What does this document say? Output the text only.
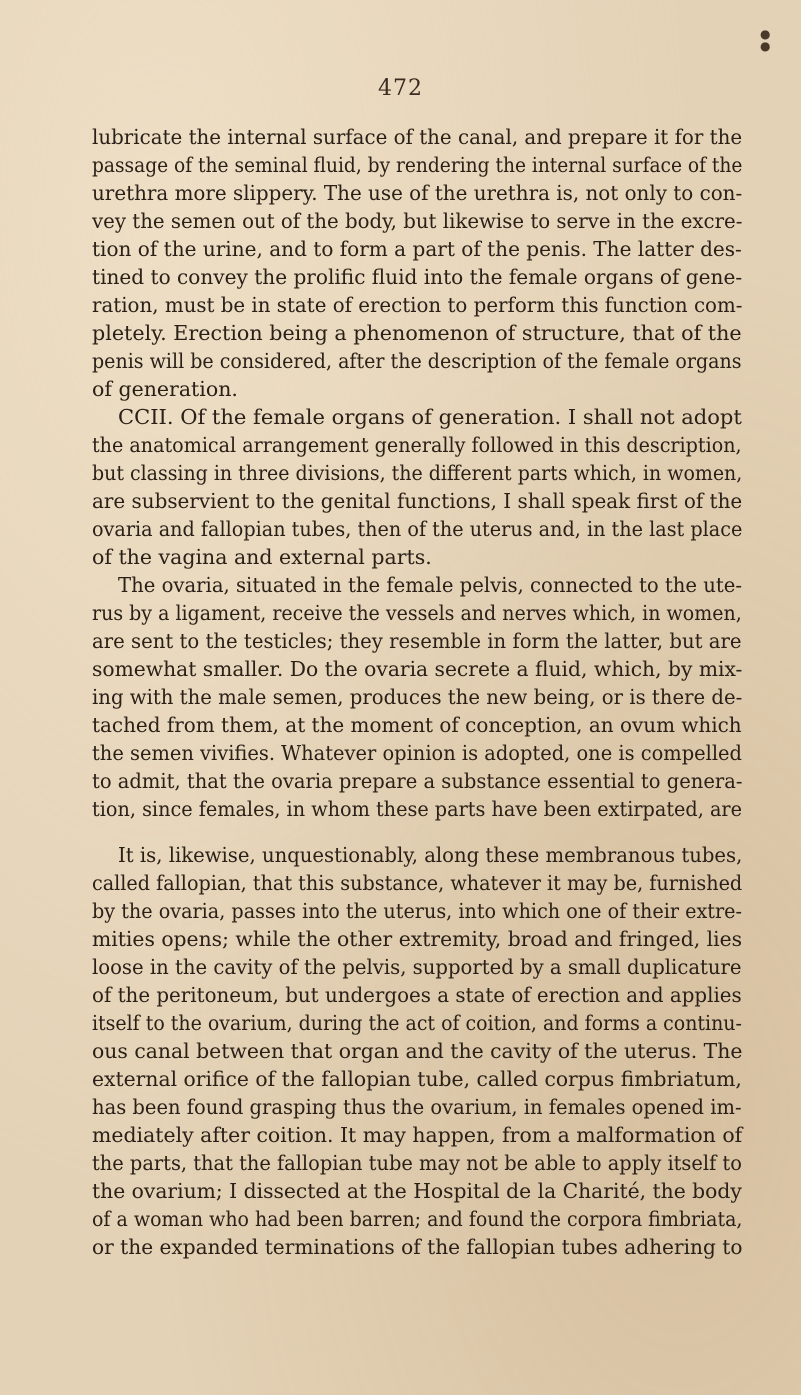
●
●
472
lubricate the internal surface of the canal, and prepare it for the
passage of the seminal fluid, by rendering the internal surface of the
urethra more slippery. The use of the urethra is, not only to con-
vey the semen out of the body, but likewise to serve in the excre-
tion of the urine, and to form a part of the penis. The latter des-
tined to convey the prolific fluid into the female organs of gene-
ration, must be in state of erection to perform this function com-
pletely. Erection being a phenomenon of structure, that of the
penis will be considered, after the description of the female organs
of generation.
CCII. Of the female organs of generation. I shall not adopt
the anatomical arrangement generally followed in this description,
but classing in three divisions, the different parts which, in women,
are subservient to the genital functions, I shall speak first of the
ovaria and fallopian tubes, then of the uterus and, in the last place
of the vagina and external parts.
The ovaria, situated in the female pelvis, connected to the ute-
rus by a ligament, receive the vessels and nerves which, in women,
are sent to the testicles; they resemble in form the latter, but are
somewhat smaller. Do the ovaria secrete a fluid, which, by mix-
ing with the male semen, produces the new being, or is there de-
tached from them, at the moment of conception, an ovum which
the semen vivifies. Whatever opinion is adopted, one is compelled
to admit, that the ovaria prepare a substance essential to genera-
tion, since females, in whom these parts have been extirpated, are
It is, likewise, unquestionably, along these membranous tubes,
called fallopian, that this substance, whatever it may be, furnished
by the ovaria, passes into the uterus, into which one of their extre-
mities opens; while the other extremity, broad and fringed, lies
loose in the cavity of the pelvis, supported by a small duplicature
of the peritoneum, but undergoes a state of erection and applies
itself to the ovarium, during the act of coition, and forms a continu-
ous canal between that organ and the cavity of the uterus. The
external orifice of the fallopian tube, called corpus fimbriatum,
has been found grasping thus the ovarium, in females opened im-
mediately after coition. It may happen, from a malformation of
the parts, that the fallopian tube may not be able to apply itself to
the ovarium; I dissected at the Hospital de la Charité, the body
of a woman who had been barren; and found the corpora fimbriata,
or the expanded terminations of the fallopian tubes adhering to
